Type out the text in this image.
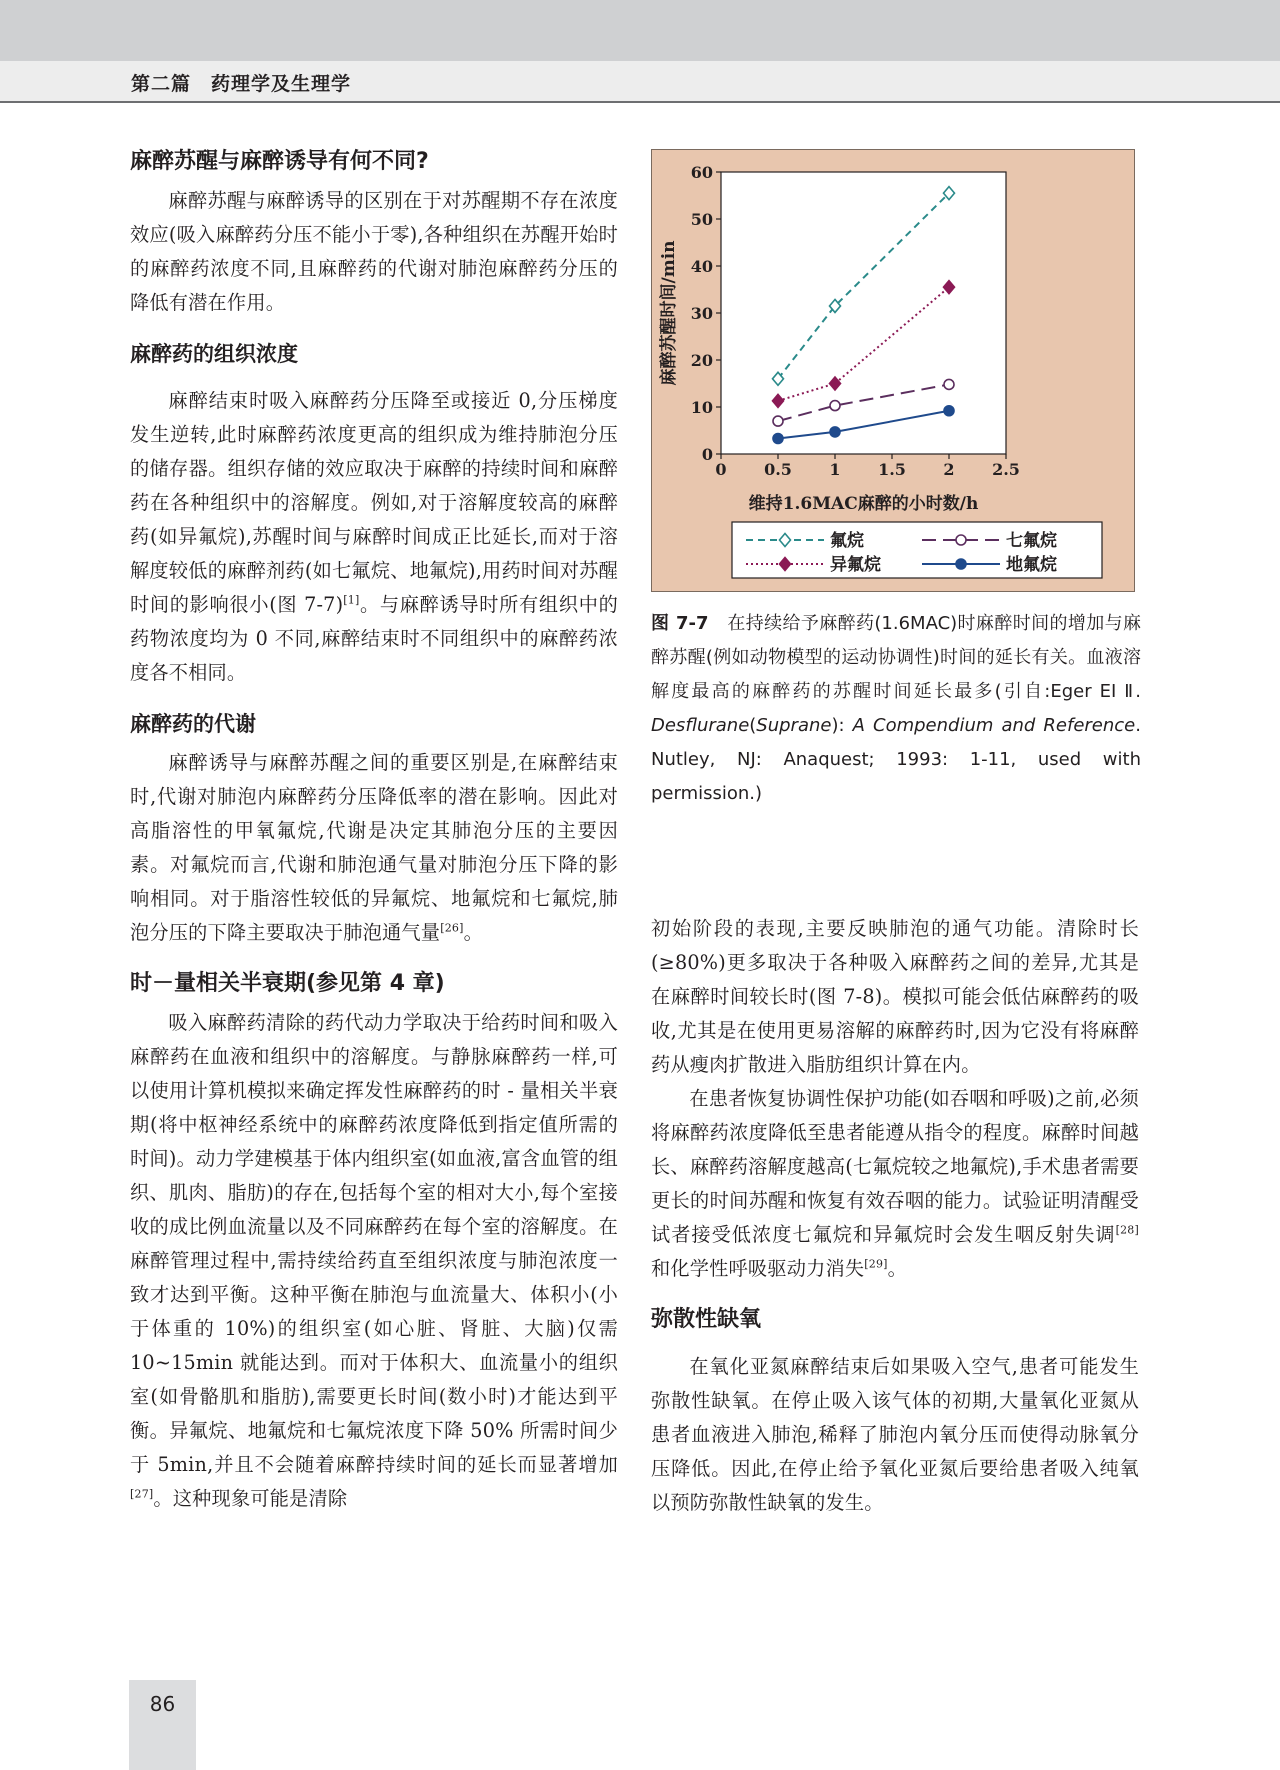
第二篇　药理学及生理学
麻醉苏醒与麻醉诱导有何不同?

麻醉苏醒与麻醉诱导的区别在于对苏醒期不存在浓度效应(吸入麻醉药分压不能小于零),各种组织在苏醒开始时的麻醉药浓度不同,且麻醉药的代谢对肺泡麻醉药分压的降低有潜在作用。

麻醉药的组织浓度

麻醉结束时吸入麻醉药分压降至或接近 0,分压梯度发生逆转,此时麻醉药浓度更高的组织成为维持肺泡分压的储存器。组织存储的效应取决于麻醉的持续时间和麻醉药在各种组织中的溶解度。例如,对于溶解度较高的麻醉药(如异氟烷),苏醒时间与麻醉时间成正比延长,而对于溶解度较低的麻醉剂药(如七氟烷、地氟烷),用药时间对苏醒时间的影响很小(图 7-7)[1]。与麻醉诱导时所有组织中的药物浓度均为 0 不同,麻醉结束时不同组织中的麻醉药浓度各不相同。

麻醉药的代谢

麻醉诱导与麻醉苏醒之间的重要区别是,在麻醉结束时,代谢对肺泡内麻醉药分压降低率的潜在影响。因此对高脂溶性的甲氧氟烷,代谢是决定其肺泡分压的主要因素。对氟烷而言,代谢和肺泡通气量对肺泡分压下降的影响相同。对于脂溶性较低的异氟烷、地氟烷和七氟烷,肺泡分压的下降主要取决于肺泡通气量[26]。

时－量相关半衰期(参见第 4 章)

吸入麻醉药清除的药代动力学取决于给药时间和吸入麻醉药在血液和组织中的溶解度。与静脉麻醉药一样,可以使用计算机模拟来确定挥发性麻醉药的时 - 量相关半衰期(将中枢神经系统中的麻醉药浓度降低到指定值所需的时间)。动力学建模基于体内组织室(如血液,富含血管的组织、肌肉、脂肪)的存在,包括每个室的相对大小,每个室接收的成比例血流量以及不同麻醉药在每个室的溶解度。在麻醉管理过程中,需持续给药直至组织浓度与肺泡浓度一致才达到平衡。这种平衡在肺泡与血流量大、体积小(小于体重的 10%)的组织室(如心脏、肾脏、大脑)仅需 10~15min 就能达到。而对于体积大、血流量小的组织室(如骨骼肌和脂肪),需要更长时间(数小时)才能达到平衡。异氟烷、地氟烷和七氟烷浓度下降 50% 所需时间少于 5min,并且不会随着麻醉持续时间的延长而显著增加[27]。这种现象可能是清除

0
10
20
30
40
50
60
0 0.5 1 1.5 2 2.5
维持1.6MAC麻醉的小时数/h
麻醉苏醒时间/min
氟烷	七氟烷
异氟烷	地氟烷
图 7-7　在持续给予麻醉药(1.6MAC)时麻醉时间的增加与麻醉苏醒(例如动物模型的运动协调性)时间的延长有关。血液溶解度最高的麻醉药的苏醒时间延长最多(引自:Eger EI Ⅱ. Desflurane(Suprane): A Compendium and Reference. Nutley, NJ: Anaquest; 1993: 1-11, used with permission.)

初始阶段的表现,主要反映肺泡的通气功能。清除时长(≥80%)更多取决于各种吸入麻醉药之间的差异,尤其是在麻醉时间较长时(图 7-8)。模拟可能会低估麻醉药的吸收,尤其是在使用更易溶解的麻醉药时,因为它没有将麻醉药从瘦肉扩散进入脂肪组织计算在内。

在患者恢复协调性保护功能(如吞咽和呼吸)之前,必须将麻醉药浓度降低至患者能遵从指令的程度。麻醉时间越长、麻醉药溶解度越高(七氟烷较之地氟烷),手术患者需要更长的时间苏醒和恢复有效吞咽的能力。试验证明清醒受试者接受低浓度七氟烷和异氟烷时会发生咽反射失调[28] 和化学性呼吸驱动力消失[29]。

弥散性缺氧

在氧化亚氮麻醉结束后如果吸入空气,患者可能发生弥散性缺氧。在停止吸入该气体的初期,大量氧化亚氮从患者血液进入肺泡,稀释了肺泡内氧分压而使得动脉氧分压降低。因此,在停止给予氧化亚氮后要给患者吸入纯氧以预防弥散性缺氧的发生。

86
